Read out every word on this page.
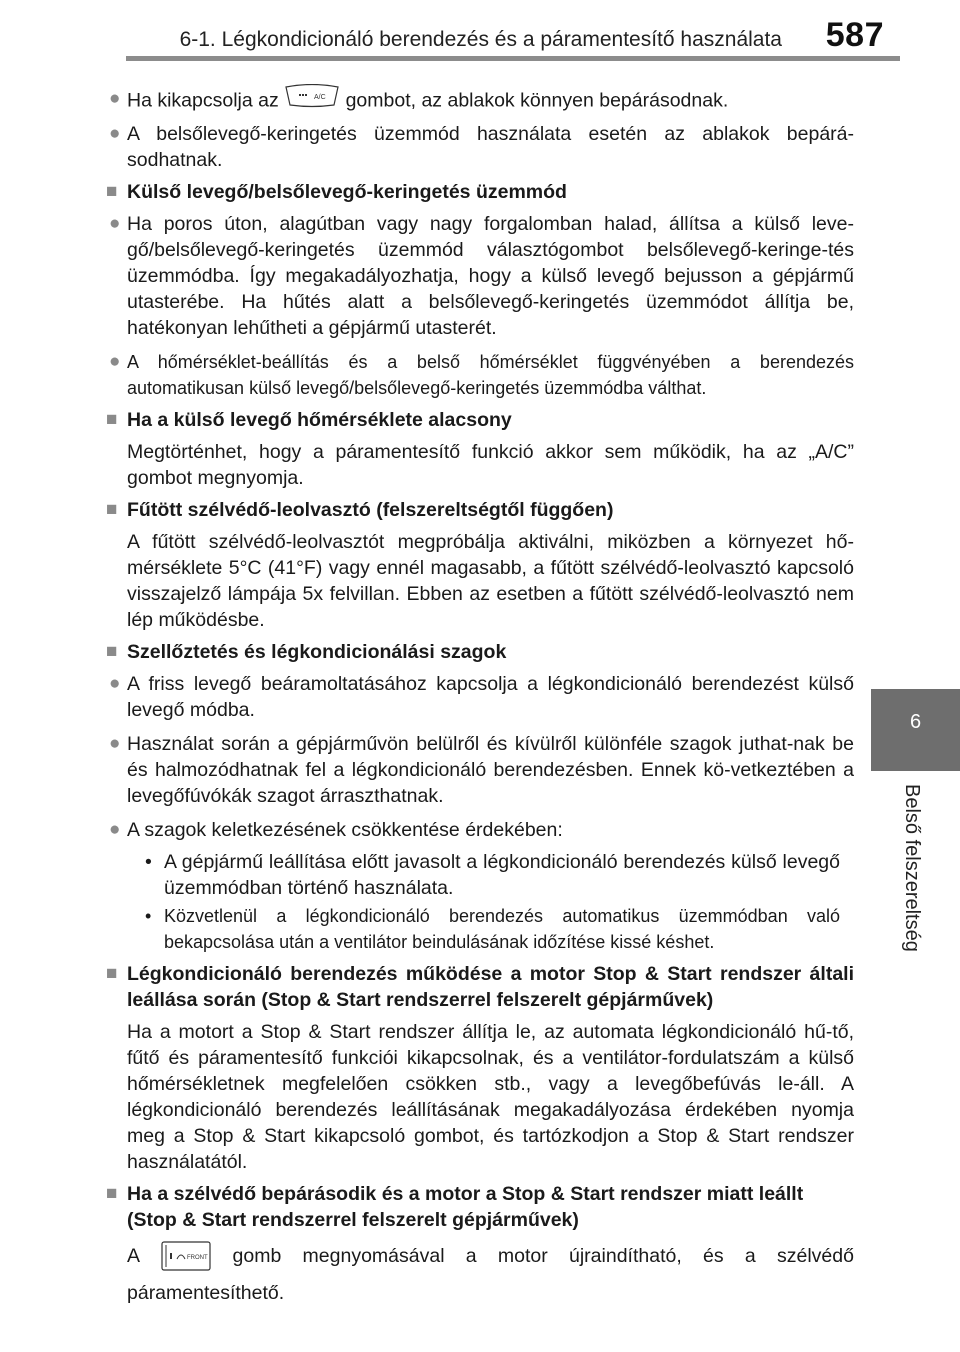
6-1. Légkondicionáló berendezés és a páramentesítő használata 587
6
Belső felszereltség
● Ha kikapcsolja az	A/C gombot, az ablakok könnyen bepárásodnak.
● A belsőlevegő-keringetés üzemmód használata esetén az ablakok bepárá-sodhatnak.
■ Külső levegő/belsőlevegő-keringetés üzemmód
● Ha poros úton, alagútban vagy nagy forgalomban halad, állítsa a külső leve-gő/belsőlevegő-keringetés üzemmód választógombot belsőlevegő-keringe-tés üzemmódba. Így megakadályozhatja, hogy a külső levegő bejusson a gépjármű utasterébe. Ha hűtés alatt a belsőlevegő-keringetés üzemmódot állítja be, hatékonyan lehűtheti a gépjármű utasterét.
● A hőmérséklet-beállítás és a belső hőmérséklet függvényében a berendezés automatikusan külső levegő/belsőlevegő-keringetés üzemmódba válthat.
■ Ha a külső levegő hőmérséklete alacsony
Megtörténhet, hogy a páramentesítő funkció akkor sem működik, ha az „A/C” gombot megnyomja.
■ Fűtött szélvédő-leolvasztó (felszereltségtől függően)
A fűtött szélvédő-leolvasztót megpróbálja aktiválni, miközben a környezet hő-mérséklete 5°C (41°F) vagy ennél magasabb, a fűtött szélvédő-leolvasztó kapcsoló visszajelző lámpája 5x felvillan. Ebben az esetben a fűtött szélvédő-leolvasztó nem lép működésbe.
■ Szellőztetés és légkondicionálási szagok
● A friss levegő beáramoltatásához kapcsolja a légkondicionáló berendezést külső levegő módba.
● Használat során a gépjárművön belülről és kívülről különféle szagok juthat-nak be és halmozódhatnak fel a légkondicionáló berendezésben. Ennek kö-vetkeztében a levegőfúvókák szagot árraszthatnak.
● A szagok keletkezésének csökkentése érdekében:
• A gépjármű leállítása előtt javasolt a légkondicionáló berendezés külső levegő üzemmódban történő használata.
• Közvetlenül a légkondicionáló berendezés automatikus üzemmódban való bekapcsolása után a ventilátor beindulásának időzítése kissé késhet.
■ Légkondicionáló berendezés működése a motor Stop & Start rendszer általi leállása során (Stop & Start rendszerrel felszerelt gépjárművek)
Ha a motort a Stop & Start rendszer állítja le, az automata légkondicionáló hű-tő, fűtő és páramentesítő funkciói kikapcsolnak, és a ventilátor-fordulatszám a külső hőmérsékletnek megfelelően csökken stb., vagy a levegőbefúvás le-áll. A légkondicionáló berendezés leállításának megakadályozása érdekében nyomja meg a Stop & Start kikapcsoló gombot, és tartózkodjon a Stop & Start rendszer használatától.
■ Ha a szélvédő bepárásodik és a motor a Stop & Start rendszer miatt leállt (Stop & Start rendszerrel felszerelt gépjárművek)
A	FRONT gomb megnyomásával a motor újraindítható, és a szélvédő
páramentesíthető.
